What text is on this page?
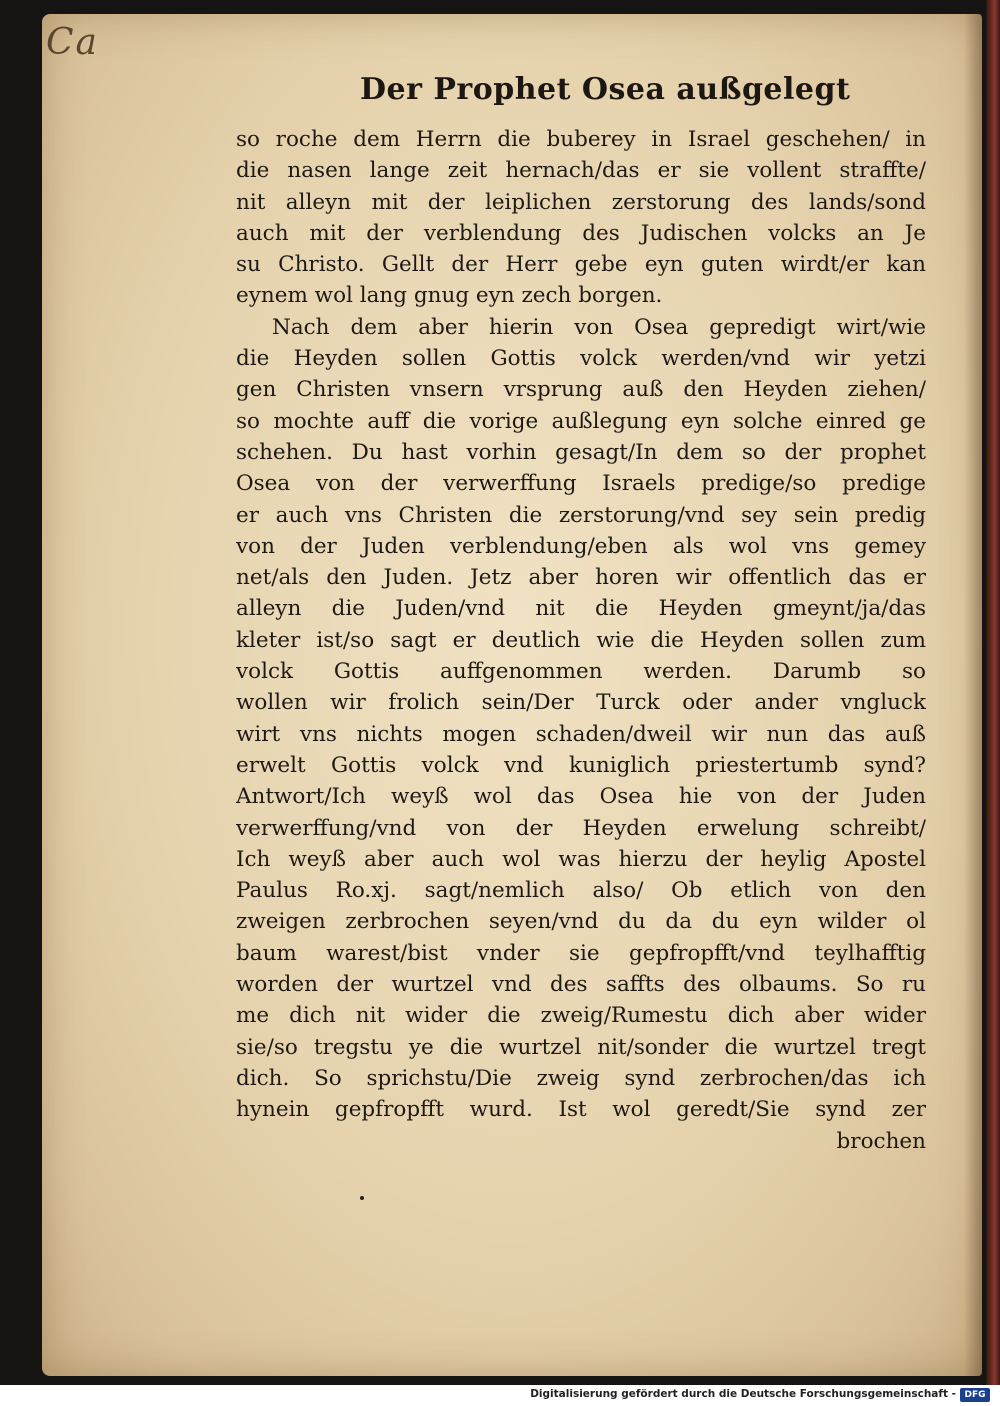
Ca
Der Prophet Osea außgelegt
so roche dem Herrn die buberey in Israel geschehen/ in
die nasen lange zeit hernach/das er sie vollent straffte/
nit alleyn mit der leiplichen zerstorung des lands/sond
auch mit der verblendung des Judischen volcks an Je
su Christo. Gellt der Herr gebe eyn guten wirdt/er kan
eynem wol lang gnug eyn zech borgen.
Nach dem aber hierin von Osea gepredigt wirt/wie
die Heyden sollen Gottis volck werden/vnd wir yetzi
gen Christen vnsern vrsprung auß den Heyden ziehen/
so mochte auff die vorige außlegung eyn solche einred ge
schehen. Du hast vorhin gesagt/In dem so der prophet
Osea von der verwerffung Israels predige/so predige
er auch vns Christen die zerstorung/vnd sey sein predig
von der Juden verblendung/eben als wol vns gemey
net/als den Juden. Jetz aber horen wir offentlich das er
alleyn die Juden/vnd nit die Heyden gmeynt/ja/das
kleter ist/so sagt er deutlich wie die Heyden sollen zum
volck Gottis auffgenommen werden. Darumb so
wollen wir frolich sein/Der Turck oder ander vngluck
wirt vns nichts mogen schaden/dweil wir nun das auß
erwelt Gottis volck vnd kuniglich priestertumb synd?
Antwort/Ich weyß wol das Osea hie von der Juden
verwerffung/vnd von der Heyden erwelung schreibt/
Ich weyß aber auch wol was hierzu der heylig Apostel
Paulus Ro.xj. sagt/nemlich also/ Ob etlich von den
zweigen zerbrochen seyen/vnd du da du eyn wilder ol
baum warest/bist vnder sie gepfropfft/vnd teylhafftig
worden der wurtzel vnd des saffts des olbaums. So ru
me dich nit wider die zweig/Rumestu dich aber wider
sie/so tregstu ye die wurtzel nit/sonder die wurtzel tregt
dich. So sprichstu/Die zweig synd zerbrochen/das ich
hynein gepfropfft wurd. Ist wol geredt/Sie synd zer
brochen
Digitalisierung gefördert durch die Deutsche Forschungsgemeinschaft - DFG
